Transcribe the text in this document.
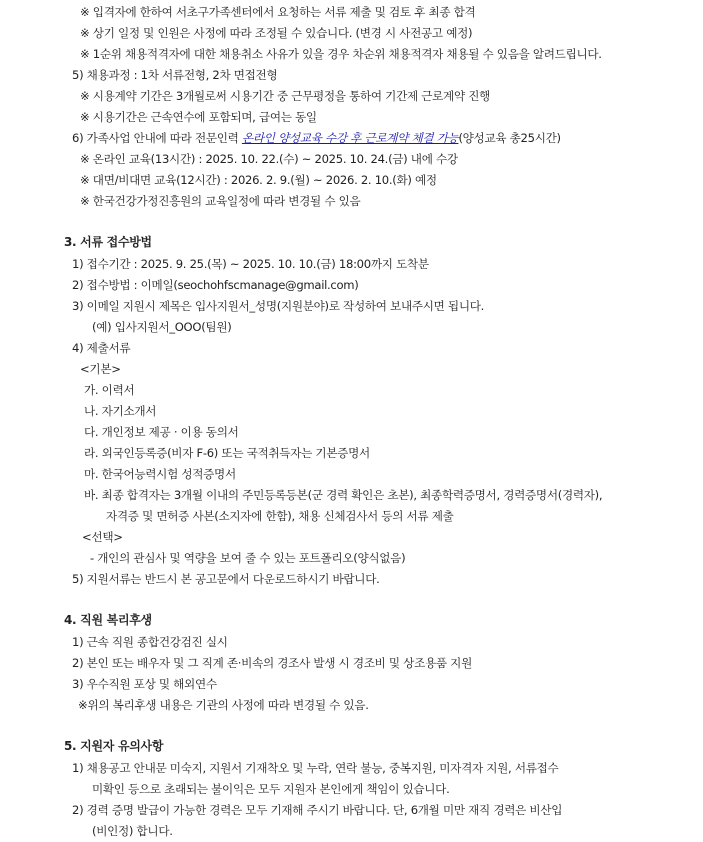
※ 입격자에 한하여 서초구가족센터에서 요청하는 서류 제출 및 검토 후 최종 합격
※ 상기 일정 및 인원은 사정에 따라 조정될 수 있습니다. (변경 시 사전공고 예정)
※ 1순위 채용적격자에 대한 채용취소 사유가 있을 경우 차순위 채용적격자 채용될 수 있음을 알려드립니다.
5) 채용과정 : 1차 서류전형, 2차 면접전형
※ 시용계약 기간은 3개월로써 시용기간 중 근무평정을 통하여 기간제 근로계약 진행
※ 시용기간은 근속연수에 포함되며, 급여는 동일
6) 가족사업 안내에 따라 전문인력 온라인 양성교육 수강 후 근로계약 체결 가능(양성교육 총25시간)
※ 온라인 교육(13시간) : 2025. 10. 22.(수) ~ 2025. 10. 24.(금) 내에 수강
※ 대면/비대면 교육(12시간) : 2026. 2. 9.(월) ~ 2026. 2. 10.(화) 예정
※ 한국건강가정진흥원의 교육일정에 따라 변경될 수 있음
3. 서류 접수방법
1) 접수기간 : 2025. 9. 25.(목) ~ 2025. 10. 10.(금) 18:00까지 도착분
2) 접수방법 : 이메일(seochohfscmanage@gmail.com)
3) 이메일 지원시 제목은 입사지원서_성명(지원분야)로 작성하여 보내주시면 됩니다.
(예) 입사지원서_OOO(팀원)
4) 제출서류
<기본>
가. 이력서
나. 자기소개서
다. 개인정보 제공 · 이용 동의서
라. 외국인등록증(비자 F-6) 또는 국적취득자는 기본증명서
마. 한국어능력시험 성적증명서
바. 최종 합격자는 3개월 이내의 주민등록등본(군 경력 확인은 초본), 최종학력증명서, 경력증명서(경력자),
자격증 및 면허증 사본(소지자에 한함), 채용 신체검사서 등의 서류 제출
<선택>
- 개인의 관심사 및 역량을 보여 줄 수 있는 포트폴리오(양식없음)
5) 지원서류는 반드시 본 공고문에서 다운로드하시기 바랍니다.
4. 직원 복리후생
1) 근속 직원 종합건강검진 실시
2) 본인 또는 배우자 및 그 직계 존·비속의 경조사 발생 시 경조비 및 상조용품 지원
3) 우수직원 포상 및 해외연수
※위의 복리후생 내용은 기관의 사정에 따라 변경될 수 있음.
5. 지원자 유의사항
1) 채용공고 안내문 미숙지, 지원서 기재착오 및 누락, 연락 불능, 중복지원, 미자격자 지원, 서류접수
미확인 등으로 초래되는 불이익은 모두 지원자 본인에게 책임이 있습니다.
2) 경력 증명 발급이 가능한 경력은 모두 기재해 주시기 바랍니다. 단, 6개월 미만 재직 경력은 비산입
(비인정) 합니다.
